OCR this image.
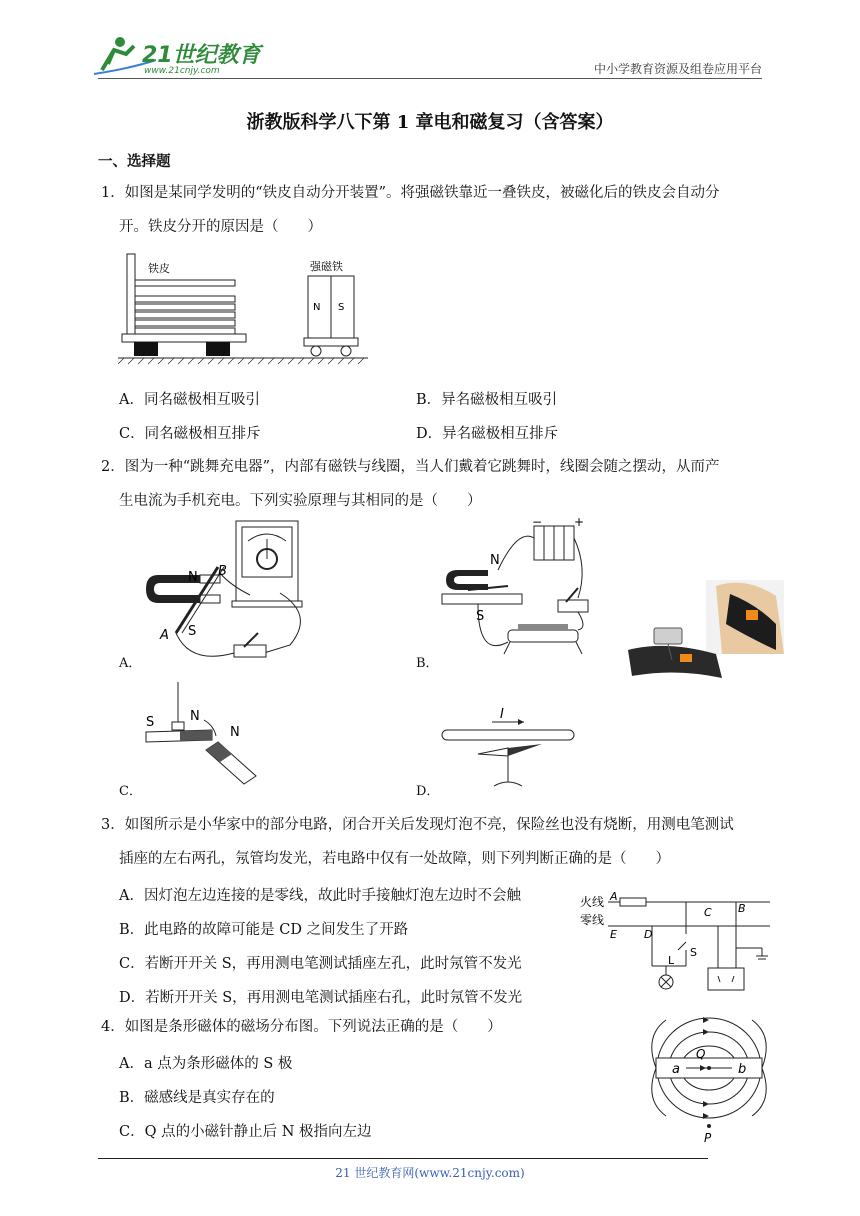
21世纪教育
www.21cnjy.com	中小学教育资源及组卷应用平台
浙教版科学八下第 1 章电和磁复习（含答案）
一、选择题
1．如图是某同学发明的“铁皮自动分开装置”。将强磁铁靠近一叠铁皮，被磁化后的铁皮会自动分
开。铁皮分开的原因是（　　）
铁皮	强磁铁
N S
A．同名磁极相互吸引	B．异名磁极相互吸引
C．同名磁极相互排斥	D．异名磁极相互排斥
2．图为一种“跳舞充电器”，内部有磁铁与线圈，当人们戴着它跳舞时，线圈会随之摆动，从而产
生电流为手机充电。下列实验原理与其相同的是（　　）
N
S
A
B
A．
N
S
−	+
B．
S	N
N
C．
I
D．
3．如图所示是小华家中的部分电路，闭合开关后发现灯泡不亮，保险丝也没有烧断，用测电笔测试
插座的左右两孔，氖管均发光，若电路中仅有一处故障，则下列判断正确的是（　　）
A．因灯泡左边连接的是零线，故此时手接触灯泡左边时不会触
B．此电路的故障可能是 CD 之间发生了开路
C．若断开开关 S，再用测电笔测试插座左孔，此时氖管不发光
D．若断开开关 S，再用测电笔测试插座右孔，此时氖管不发光
火线
零线
A
B
C
D
E
S
L
4．如图是条形磁体的磁场分布图。下列说法正确的是（　　）
A．a 点为条形磁体的 S 极
B．磁感线是真实存在的
C．Q 点的小磁针静止后 N 极指向左边
a	b
Q
P
21 世纪教育网(www.21cnjy.com)
